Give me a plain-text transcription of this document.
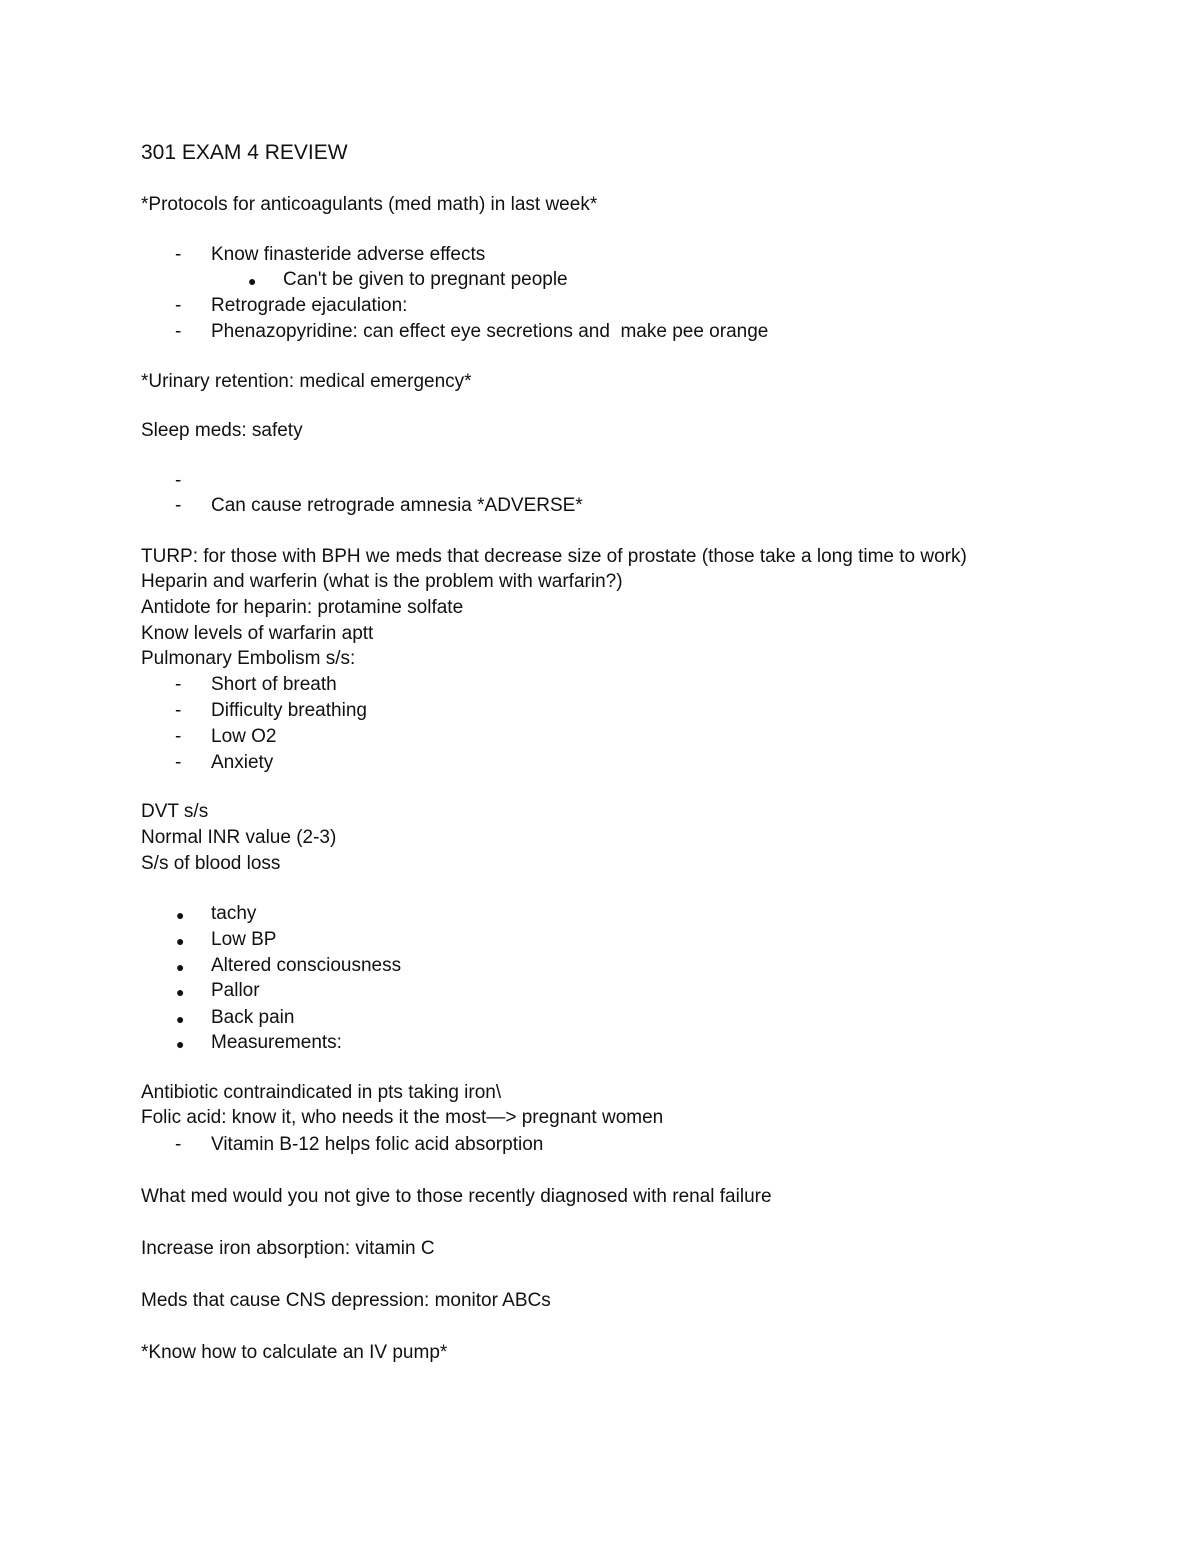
301 EXAM 4 REVIEW
*Protocols for anticoagulants (med math) in last week*
- Know finasteride adverse effects
● Can't be given to pregnant people
- Retrograde ejaculation:
- Phenazopyridine: can effect eye secretions and  make pee orange
*Urinary retention: medical emergency*
Sleep meds: safety
-
- Can cause retrograde amnesia *ADVERSE*
TURP: for those with BPH we meds that decrease size of prostate (those take a long time to work)
Heparin and warferin (what is the problem with warfarin?)
Antidote for heparin: protamine solfate
Know levels of warfarin aptt
Pulmonary Embolism s/s:
- Short of breath
- Difficulty breathing
- Low O2
- Anxiety
DVT s/s
Normal INR value (2-3)
S/s of blood loss
● tachy
● Low BP
● Altered consciousness
● Pallor
● Back pain
● Measurements:
Antibiotic contraindicated in pts taking iron\
Folic acid: know it, who needs it the most—> pregnant women
- Vitamin B-12 helps folic acid absorption
What med would you not give to those recently diagnosed with renal failure
Increase iron absorption: vitamin C
Meds that cause CNS depression: monitor ABCs
*Know how to calculate an IV pump*
